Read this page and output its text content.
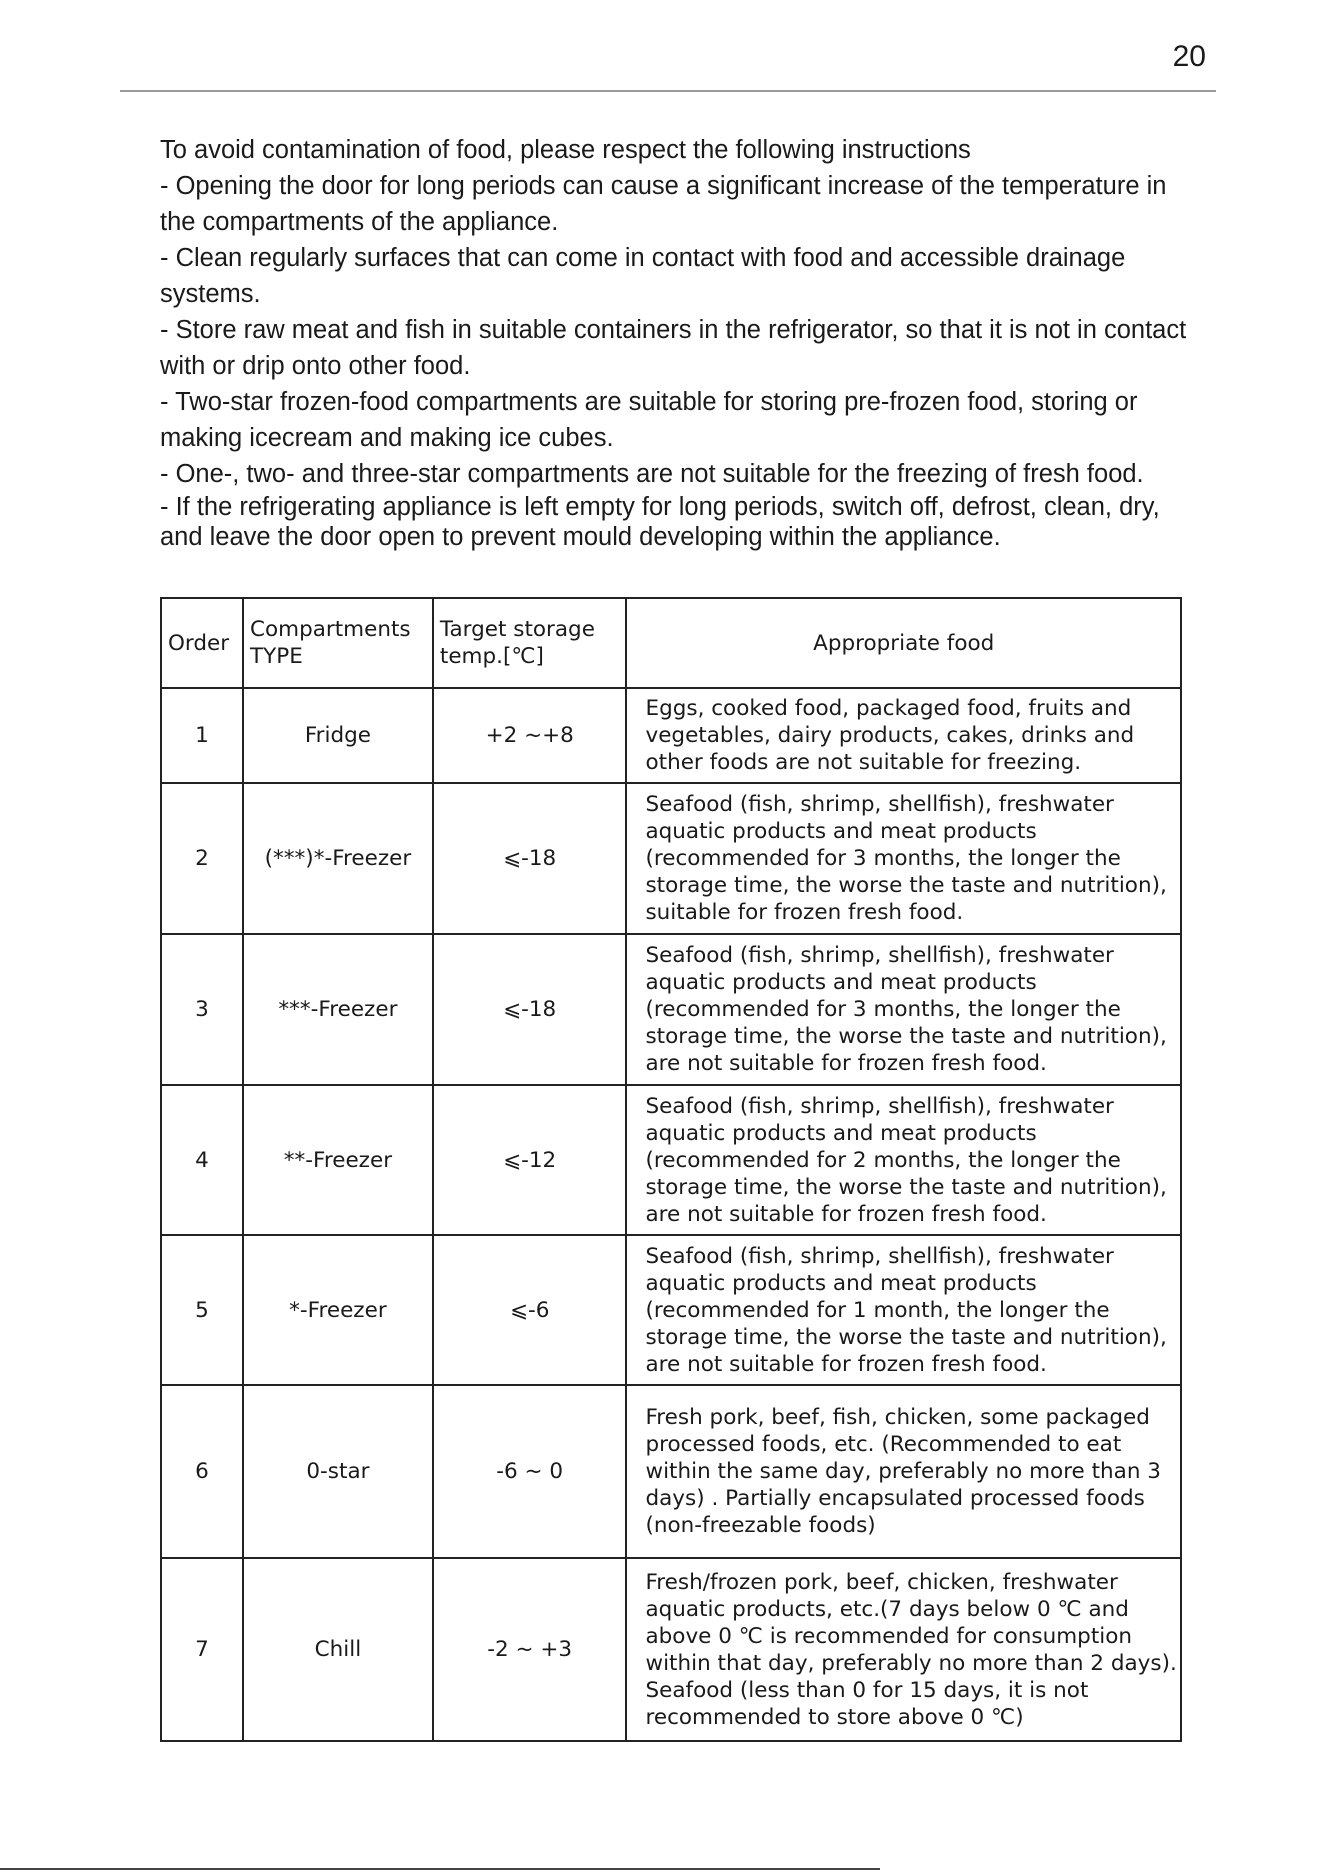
20

To avoid contamination of food, please respect the following instructions

- Opening the door for long periods can cause a significant increase of the temperature in the compartments of the appliance.

- Clean regularly surfaces that can come in contact with food and accessible drainage systems.

- Store raw meat and fish in suitable containers in the refrigerator, so that it is not in contact with or drip onto other food.

- Two-star frozen-food compartments are suitable for storing pre-frozen food, storing or making icecream and making ice cubes.

- One-, two- and three-star compartments are not suitable for the freezing of fresh food.

- If the refrigerating appliance is left empty for long periods, switch off, defrost, clean, dry, and leave the door open to prevent mould developing within the appliance.

Order	Compartments TYPE	Target storage temp.[℃]	Appropriate food
1	Fridge	+2 ~+8	Eggs, cooked food, packaged food, fruits and vegetables, dairy products, cakes, drinks and other foods are not suitable for freezing.
2	(***)*-Freezer	⩽-18	Seafood (fish, shrimp, shellfish), freshwater aquatic products and meat products (recommended for 3 months, the longer the storage time, the worse the taste and nutrition), suitable for frozen fresh food.
3	***-Freezer	⩽-18	Seafood (fish, shrimp, shellfish), freshwater aquatic products and meat products (recommended for 3 months, the longer the storage time, the worse the taste and nutrition), are not suitable for frozen fresh food.
4	**-Freezer	⩽-12	Seafood (fish, shrimp, shellfish), freshwater aquatic products and meat products (recommended for 2 months, the longer the storage time, the worse the taste and nutrition), are not suitable for frozen fresh food.
5	*-Freezer	⩽-6	Seafood (fish, shrimp, shellfish), freshwater aquatic products and meat products (recommended for 1 month, the longer the storage time, the worse the taste and nutrition), are not suitable for frozen fresh food.
6	0-star	-6 ~ 0	Fresh pork, beef, fish, chicken, some packaged processed foods, etc. (Recommended to eat within the same day, preferably no more than 3 days) . Partially encapsulated processed foods (non-freezable foods)
7	Chill	-2 ~ +3	Fresh/frozen pork, beef, chicken, freshwater aquatic products, etc.(7 days below 0 ℃ and above 0 ℃ is recommended for consumption within that day, preferably no more than 2 days). Seafood (less than 0 for 15 days, it is not recommended to store above 0 ℃)
